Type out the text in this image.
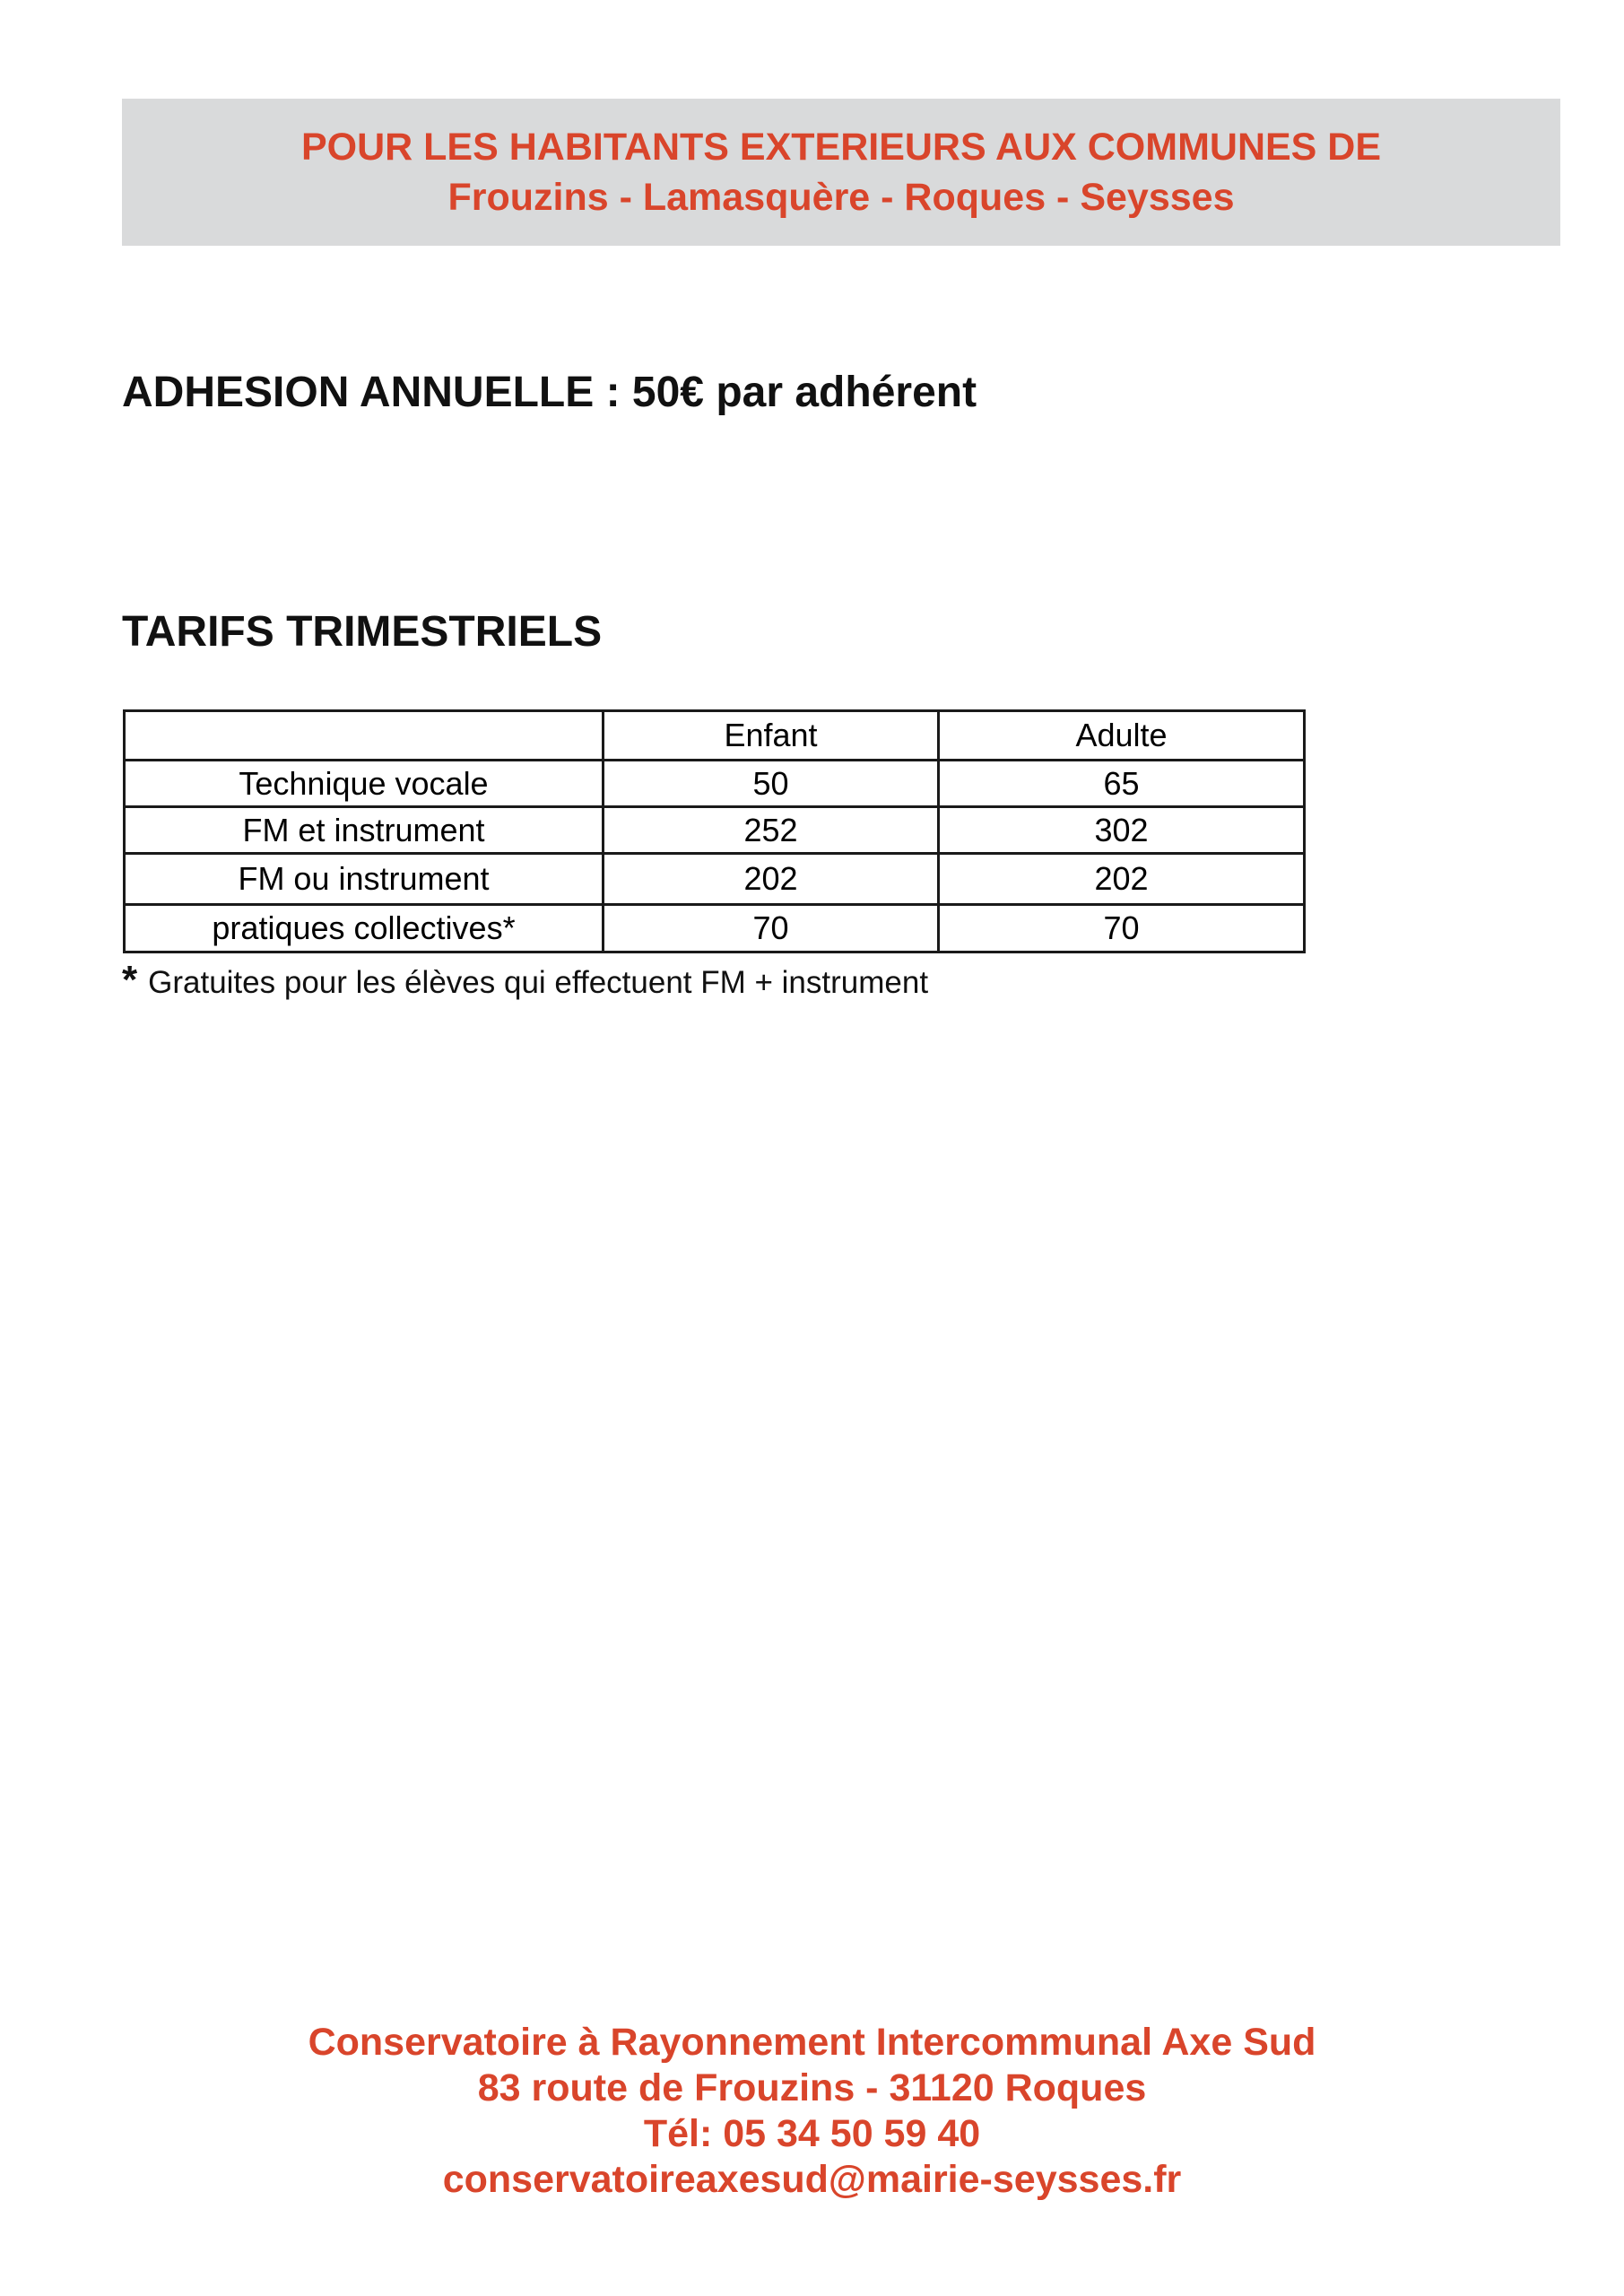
POUR LES HABITANTS EXTERIEURS AUX COMMUNES DE
Frouzins - Lamasquère - Roques - Seysses
ADHESION ANNUELLE : 50€ par adhérent
TARIFS TRIMESTRIELS
	Enfant	Adulte
Technique vocale	50	65
FM et instrument	252	302
FM ou instrument	202	202
pratiques collectives*	70	70
* Gratuites pour les élèves qui effectuent FM + instrument
Conservatoire à Rayonnement Intercommunal Axe Sud
83 route de Frouzins - 31120 Roques
Tél: 05 34 50 59 40
conservatoireaxesud@mairie-seysses.fr
